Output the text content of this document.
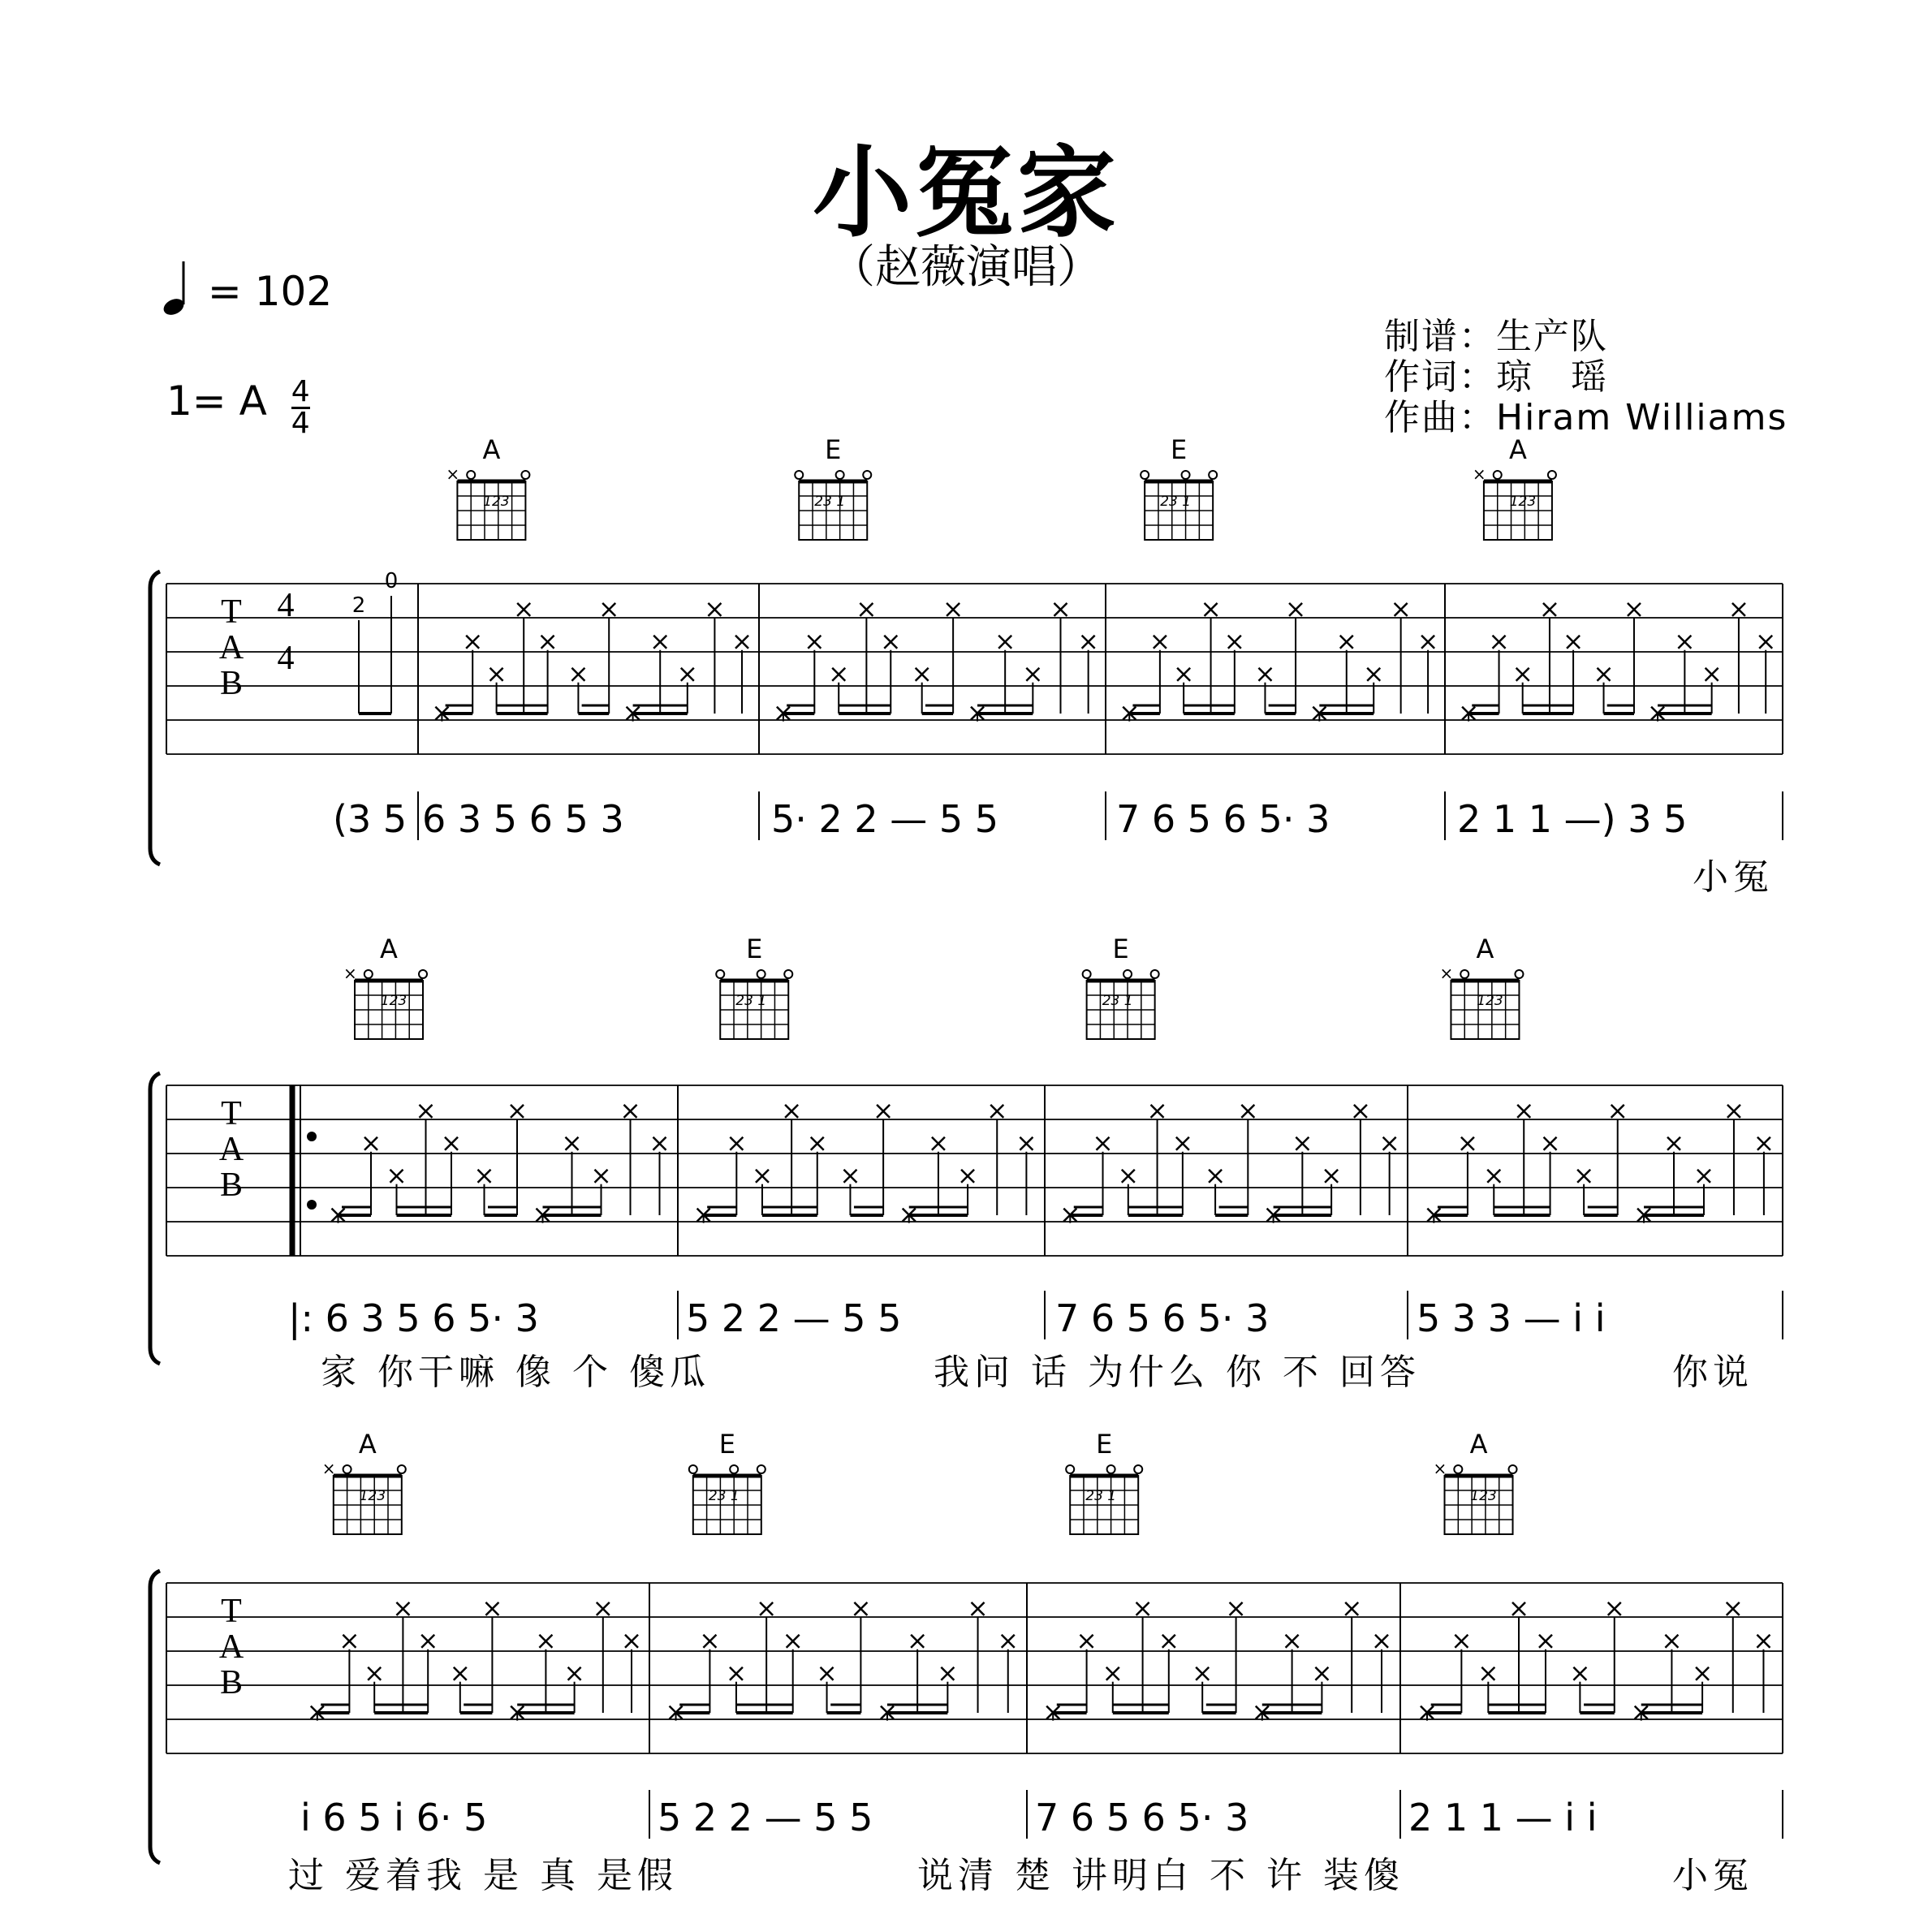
小冤家
（赵薇演唱）
= 102
1= A $\frac{4}{4}$
制谱：生产队
作词：琼　瑶
作曲：Hiram Williams
T
A
B
4
4
2
0
A
123
×
E
23 1
E
23 1
A
123
×
(3 5 6 3 5 6 5 3	5· 2 2 — 5 5	7 6 5 6 5· 3	2 1 1 —) 3 5
小冤
T
A
B
A
123
×
E
23 1
E
23 1
A
123
×
|: 6 3 5 6 5· 3	5 2 2 — 5 5	7 6 5 6 5· 3	5 3 3 — i i
家 你干嘛 像 个 傻瓜	我问 话 为什么 你 不 回答	你说
T
A
B
A
123
×
E
23 1
E
23 1
A
123
×
i 6 5 i 6· 5	5 2 2 — 5 5	7 6 5 6 5· 3	2 1 1 — i i
过 爱着我 是 真 是假	说清 楚 讲明白 不 许 装傻	小冤
